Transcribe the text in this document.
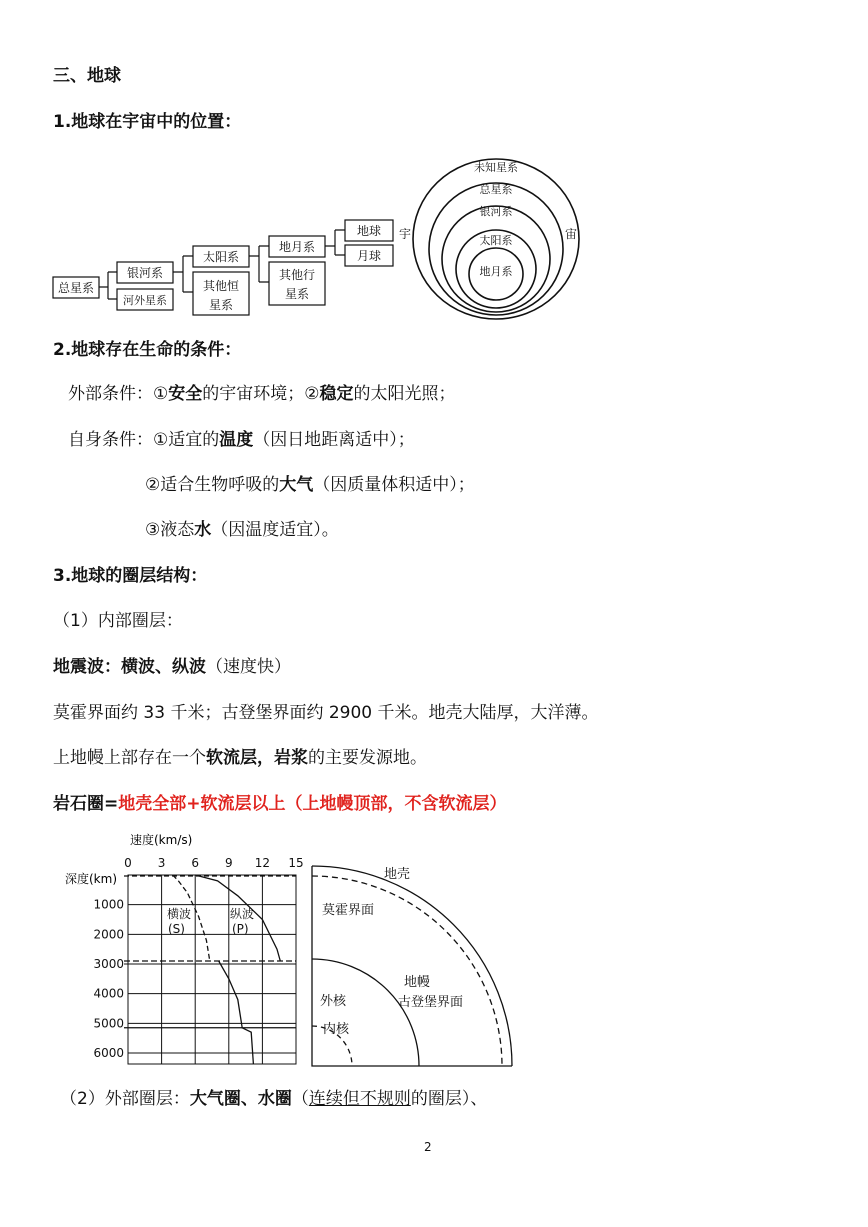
三、地球
1.地球在宇宙中的位置：
总星系
银河系
河外星系
太阳系
其他恒
星系
地月系
其他行
星系
地球
月球
未知星系
总星系
银河系
太阳系
地月系
宇	宙
2.地球存在生命的条件：
外部条件：①安全的宇宙环境；②稳定的太阳光照；
自身条件：①适宜的温度（因日地距离适中）；
②适合生物呼吸的大气（因质量体积适中）；
③液态水（因温度适宜）。
3.地球的圈层结构：
（1）内部圈层：
地震波：横波、纵波（速度快）
莫霍界面约 33 千米；古登堡界面约 2900 千米。地壳大陆厚，大洋薄。
上地幔上部存在一个软流层，岩浆的主要发源地。
岩石圈=地壳全部+软流层以上（上地幔顶部，不含软流层）
0 3 6 9 12 15
1000
2000
3000
4000
5000
6000
速度(km/s)
深度(km)
横波
(S)
纵波
(P)
地壳
莫霍界面
地幔
古登堡界面
外核
内核
（2）外部圈层：大气圈、水圈（连续但不规则的圈层）、
2
